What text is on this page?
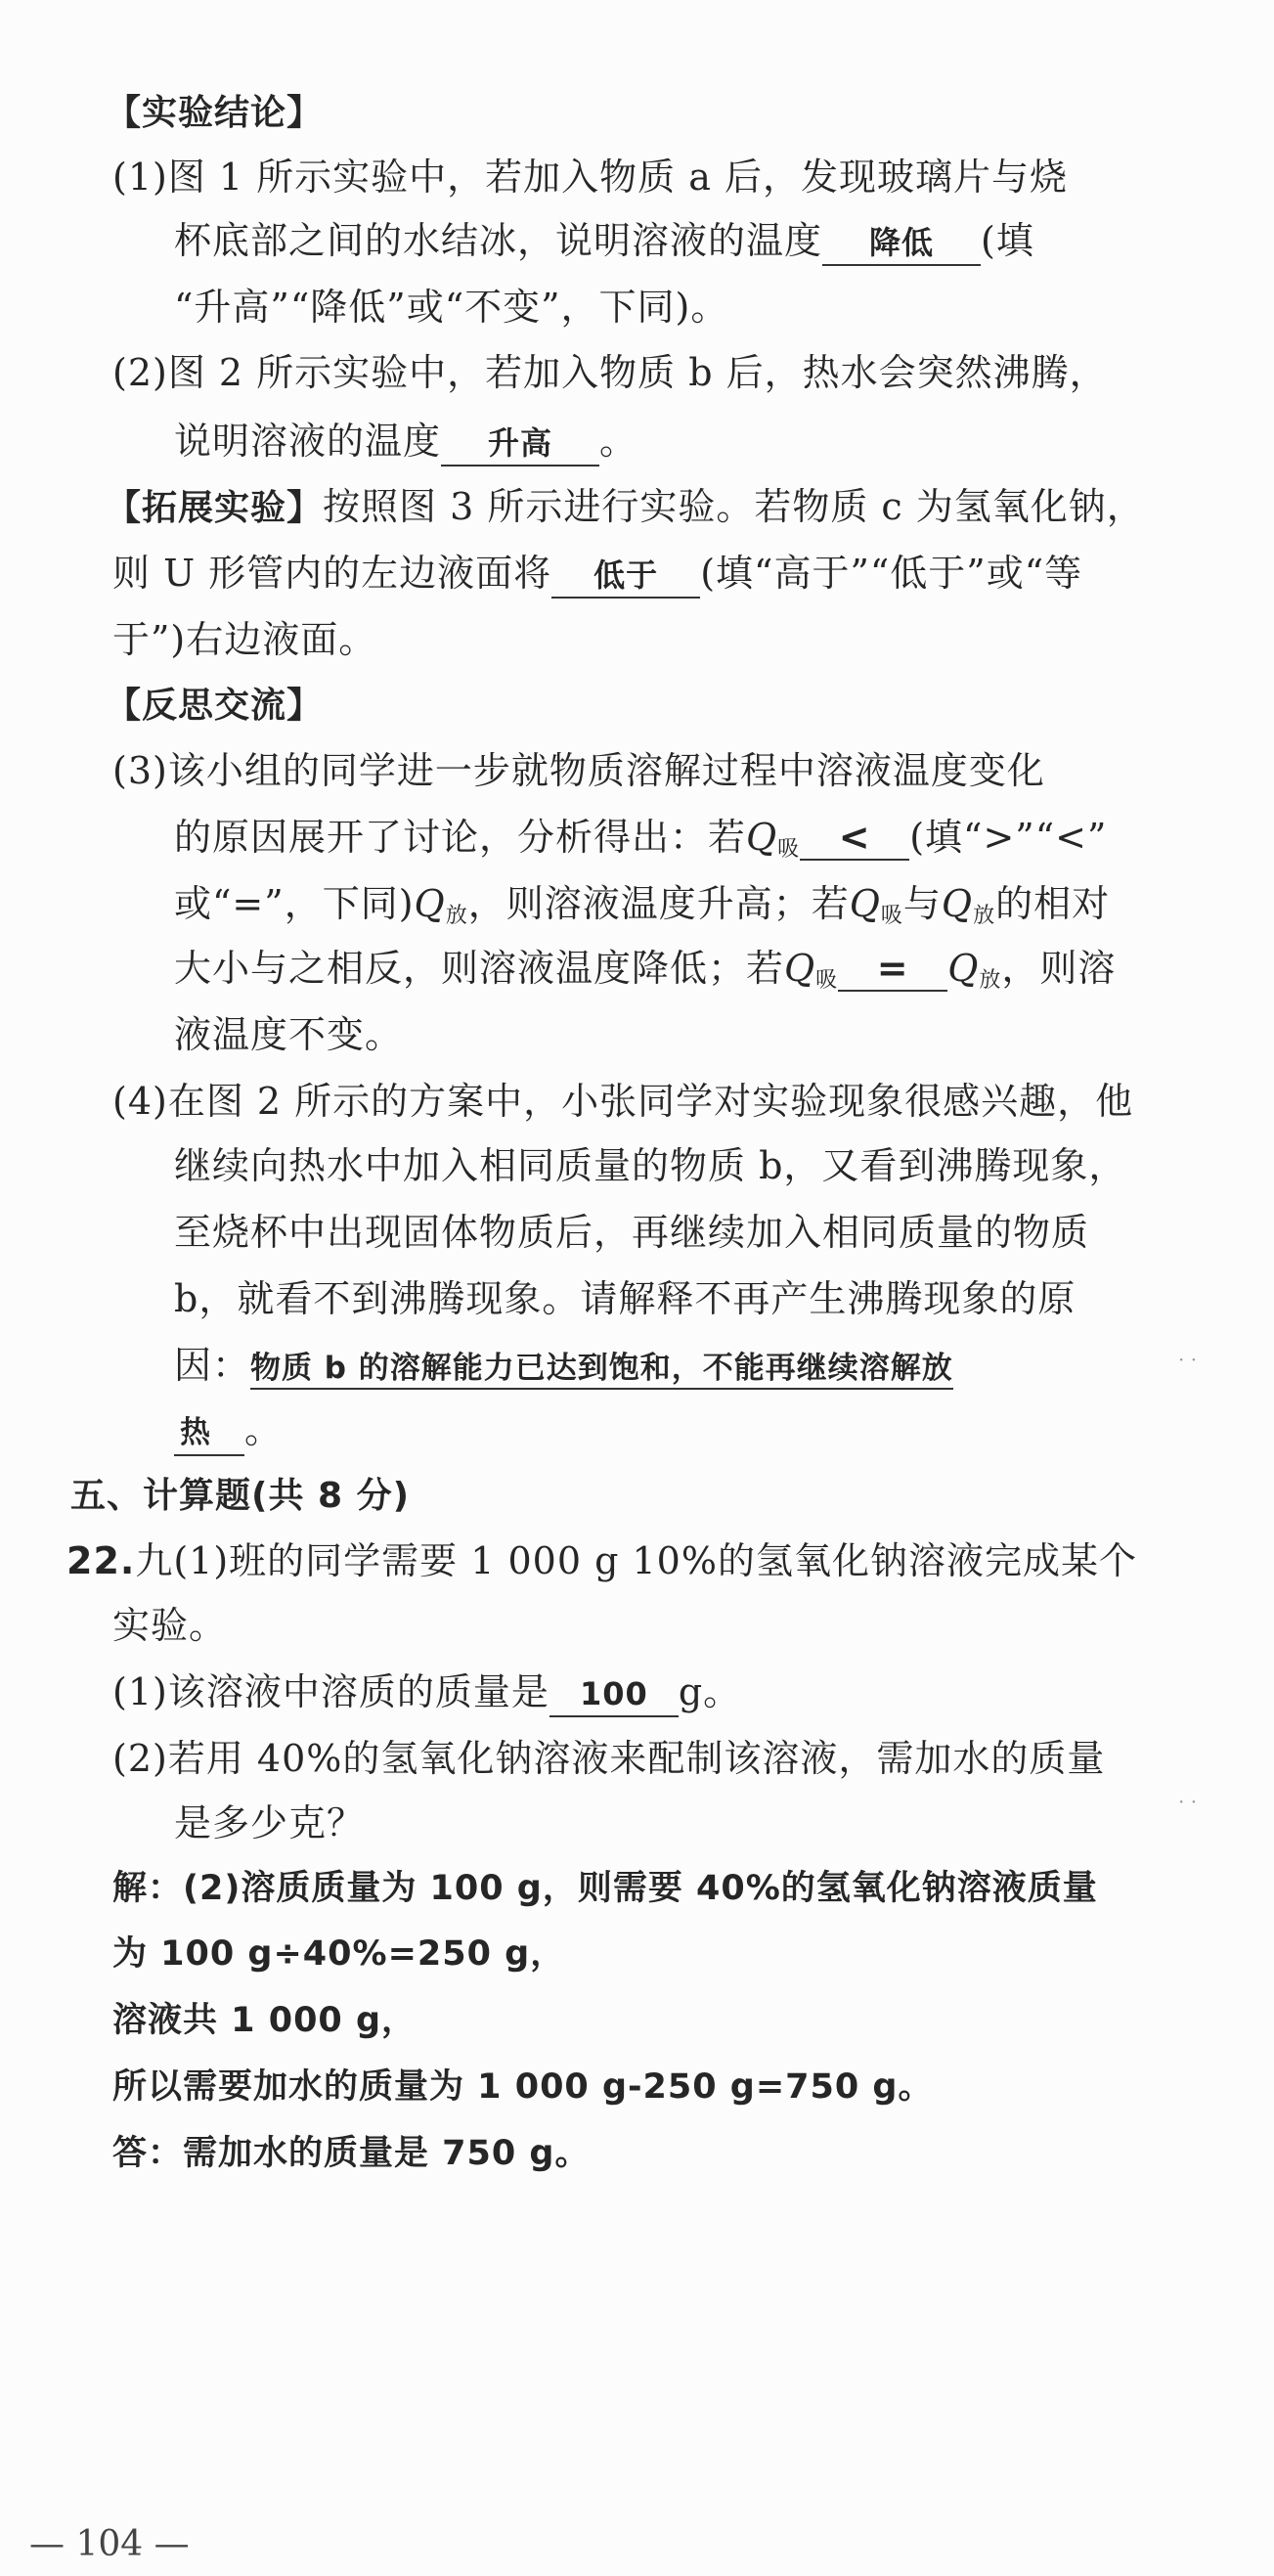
【实验结论】
(1)图 1 所示实验中，若加入物质 a 后，发现玻璃片与烧
杯底部之间的水结冰，说明溶液的温度 降低 (填
“升高”“降低”或“不变”，下同)。
(2)图 2 所示实验中，若加入物质 b 后，热水会突然沸腾，
说明溶液的温度 升高 。
【拓展实验】按照图 3 所示进行实验。若物质 c 为氢氧化钠，
则 U 形管内的左边液面将 低于 (填“高于”“低于”或“等
于”)右边液面。
【反思交流】
(3)该小组的同学进一步就物质溶解过程中溶液温度变化
的原因展开了讨论，分析得出：若$Q_吸$ < (填“>”“<”
或“=”，下同)$Q_放$，则溶液温度升高；若$Q_吸$与$Q_放$的相对
大小与之相反，则溶液温度降低；若$Q_吸 = Q_放$，则溶
液温度不变。
(4)在图 2 所示的方案中，小张同学对实验现象很感兴趣，他
继续向热水中加入相同质量的物质 b，又看到沸腾现象，
至烧杯中出现固体物质后，再继续加入相同质量的物质
b，就看不到沸腾现象。请解释不再产生沸腾现象的原
因：物质 b 的溶解能力已达到饱和，不能再继续溶解放
热 。
五、计算题(共 8 分)
22.九(1)班的同学需要 1 000 g 10%的氢氧化钠溶液完成某个
实验。
(1)该溶液中溶质的质量是 100 g。
(2)若用 40%的氢氧化钠溶液来配制该溶液，需加水的质量
是多少克？
解：(2)溶质质量为 100 g，则需要 40%的氢氧化钠溶液质量
为 100 g÷40%=250 g，
溶液共 1 000 g，
所以需要加水的质量为 1 000 g-250 g=750 g。
答：需加水的质量是 750 g。
· ·
· ·
— 104 —
